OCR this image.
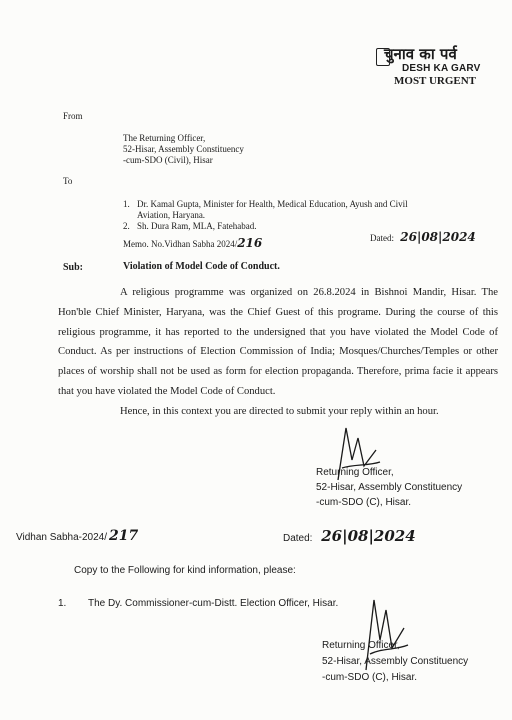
चुनाव का पर्व
DESH KA GARV
MOST URGENT
From
The Returning Officer,
52-Hisar, Assembly Constituency
-cum-SDO (Civil), Hisar
To
1. Dr. Kamal Gupta, Minister for Health, Medical Education, Ayush and Civil
Aviation, Haryana.
2. Sh. Dura Ram, MLA, Fatehabad.
Memo. No.Vidhan Sabha 2024/216	Dated: 26|08|2024
Sub:	Violation of Model Code of Conduct.
A religious programme was organized on 26.8.2024 in Bishnoi Mandir, Hisar. The Hon'ble Chief Minister, Haryana, was the Chief Guest of this programe. During the course of this religious programme, it has reported to the undersigned that you have violated the Model Code of Conduct. As per instructions of Election Commission of India; Mosques/Churches/Temples or other places of worship shall not be used as form for election propaganda. Therefore, prima facie it appears that you have violated the Model Code of Conduct.
Hence, in this context you are directed to submit your reply within an hour.
Returning Officer,
52-Hisar, Assembly Constituency
-cum-SDO (C), Hisar.
Vidhan Sabha-2024/ 217	Dated: 26|08|2024
Copy to the Following for kind information, please:
1. The Dy. Commissioner-cum-Distt. Election Officer, Hisar.
Returning Officer,
52-Hisar, Assembly Constituency
-cum-SDO (C), Hisar.
